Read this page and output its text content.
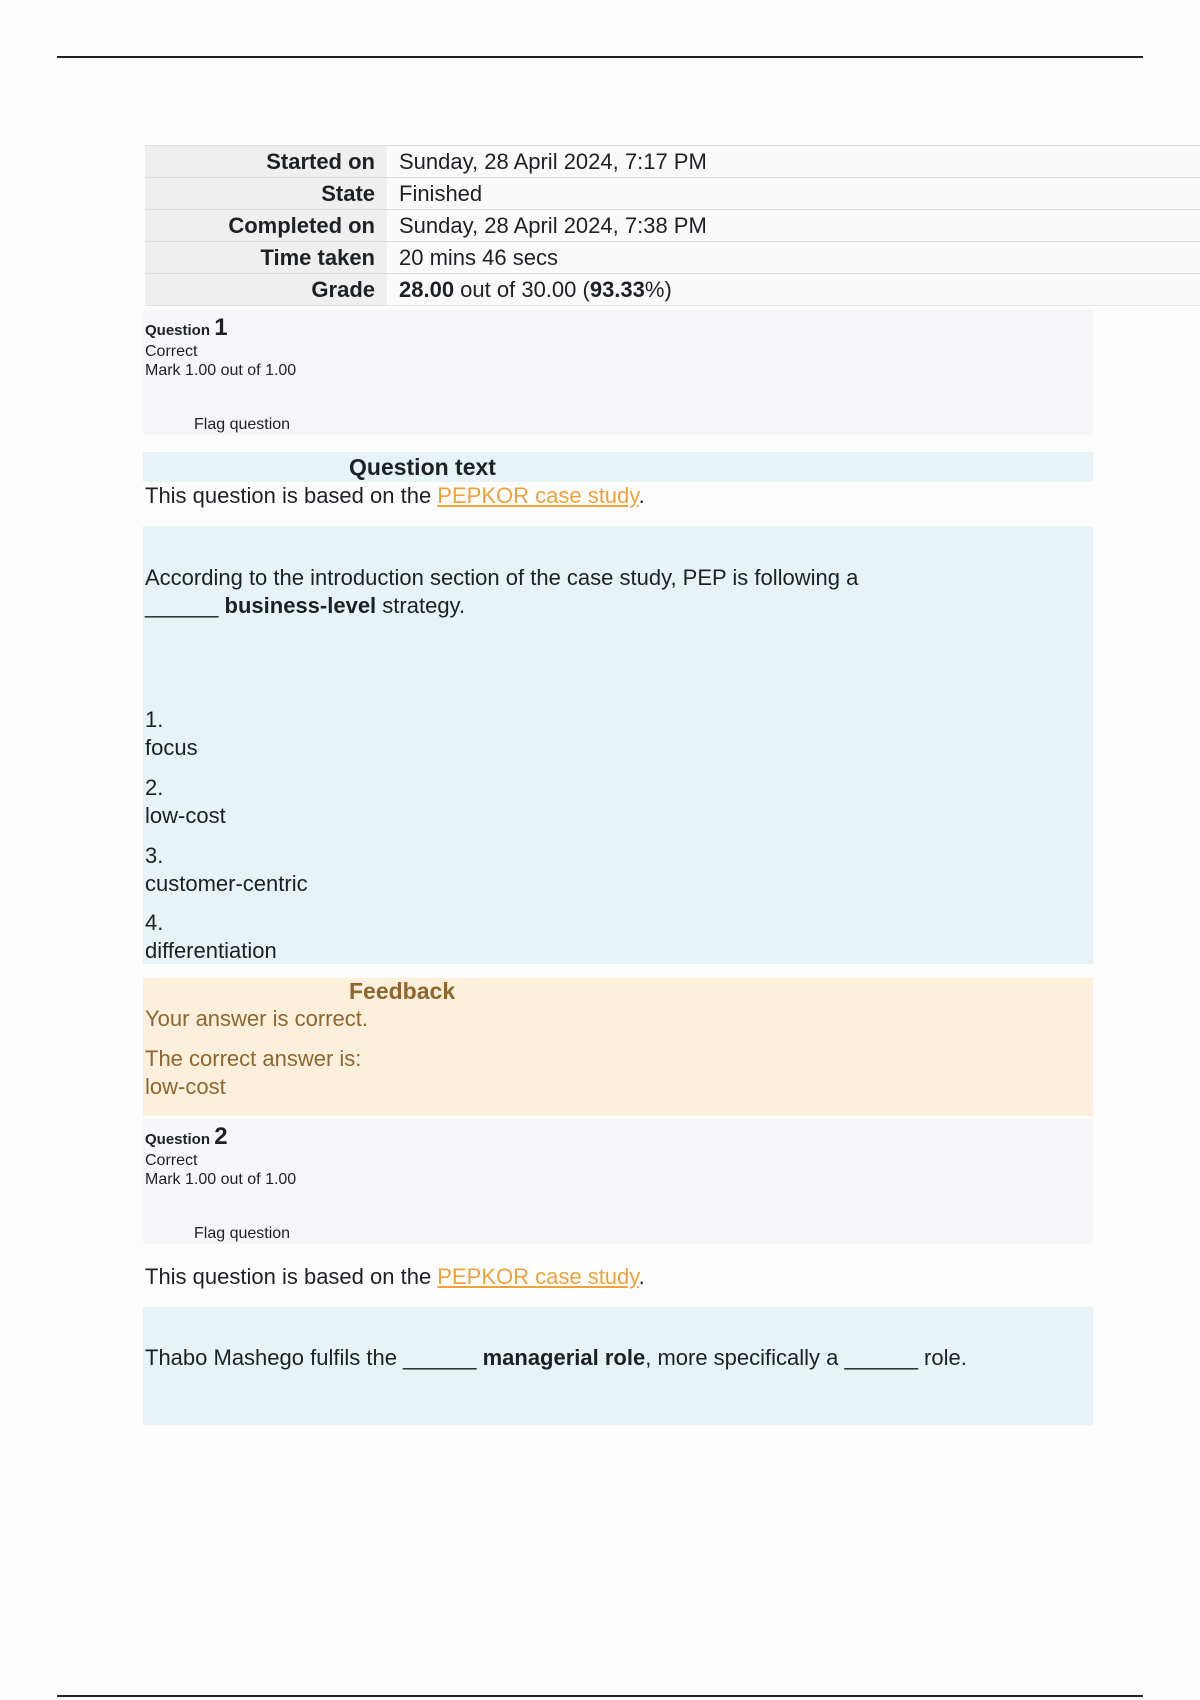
Started on	Sunday, 28 April 2024, 7:17 PM
State	Finished
Completed on	Sunday, 28 April 2024, 7:38 PM
Time taken	20 mins 46 secs
Grade	28.00 out of 30.00 (93.33%)
Question 1
Correct
Mark 1.00 out of 1.00
Flag question
Question text
This question is based on the PEPKOR case study.
According to the introduction section of the case study, PEP is following a
______ business-level strategy.
1.
focus
2.
low-cost
3.
customer-centric
4.
differentiation
Feedback
Your answer is correct.
The correct answer is:
low-cost
Question 2
Correct
Mark 1.00 out of 1.00
Flag question
This question is based on the PEPKOR case study.
Thabo Mashego fulfils the ______ managerial role, more specifically a ______ role.
